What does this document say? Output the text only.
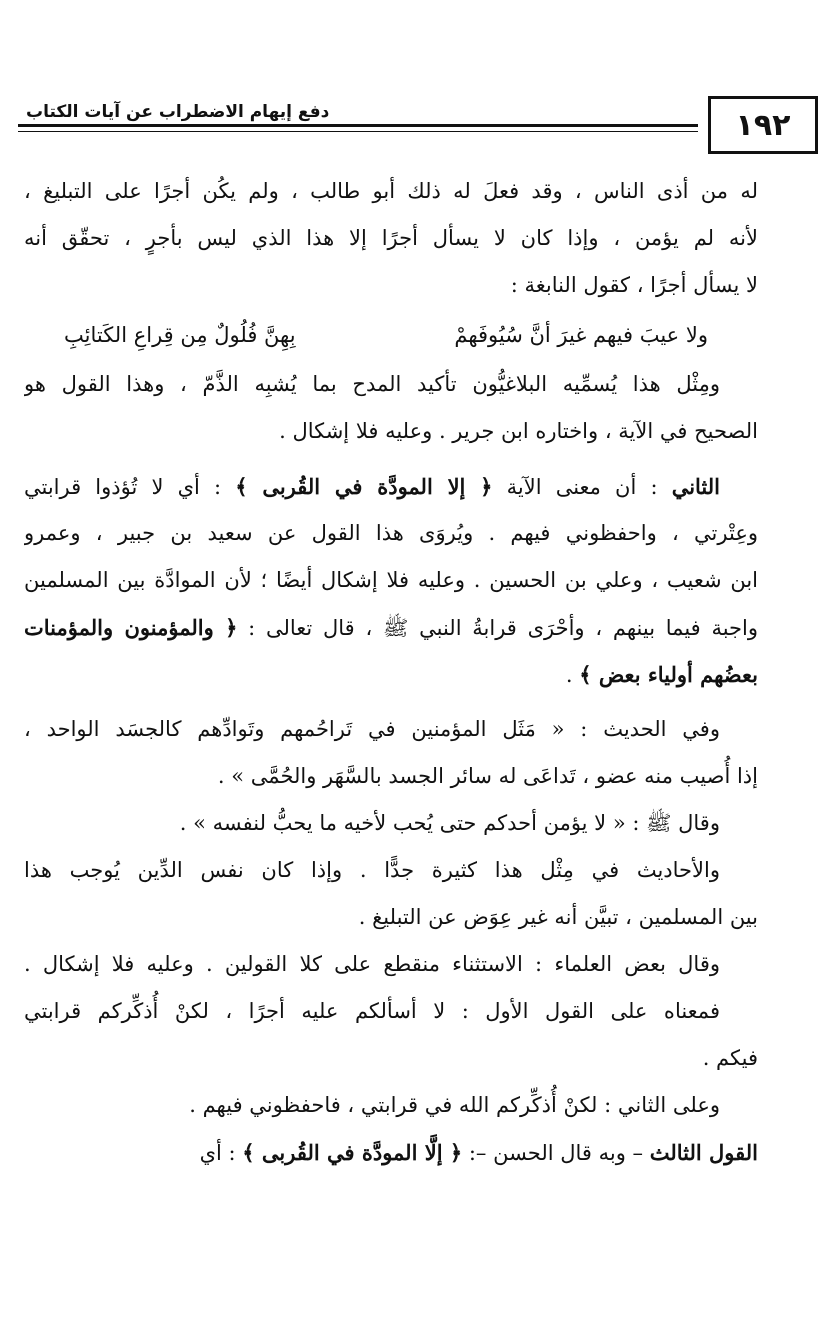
١٩٢
دفع إيهام الاضطراب عن آيات الكتاب
له من أذى الناس ، وقد فعلَ له ذلك أبو طالب ، ولم يكُن أجرًا على التبليغ ،
لأنه لم يؤمن ، وإذا كان لا يسأل أجرًا إلا هذا الذي ليس بأجرٍ ، تحقّق أنه
لا يسأل أجرًا ، كقول النابغة :
ولا عيبَ فيهم غيرَ أنَّ سُيُوفَهمْ
بِهِنَّ فُلُولٌ مِن قِراعِ الكَتائِبِ
ومِثْل هذا يُسمِّيه البلاغيُّون تأكيد المدح بما يُشبِه الذَّمّ ، وهذا القول هو
الصحيح في الآية ، واختاره ابن جرير . وعليه فلا إشكال .
الثاني : أن معنى الآية ﴿ إلا المودَّة في القُربى ﴾ : أي لا تُؤذوا قرابتي
وعِتْرتي ، واحفظوني فيهم . ويُروَى هذا القول عن سعيد بن جبير ، وعمرو
ابن شعيب ، وعلي بن الحسين . وعليه فلا إشكال أيضًا ؛ لأن الموادَّة بين المسلمين
واجبة فيما بينهم ، وأحْرَى قرابةُ النبي ﷺ ، قال تعالى : ﴿ والمؤمنون والمؤمنات
بعضُهم أولياء بعض ﴾ .
وفي الحديث : « مَثَل المؤمنين في تَراحُمهم وتَوادِّهم كالجسَد الواحد ،
إذا أُصيب منه عضو ، تَداعَى له سائر الجسد بالسَّهَر والحُمَّى » .
وقال ﷺ : « لا يؤمن أحدكم حتى يُحب لأخيه ما يحبُّ لنفسه » .
والأحاديث في مِثْل هذا كثيرة جدًّا . وإذا كان نفس الدِّين يُوجب هذا
بين المسلمين ، تبيَّن أنه غير عِوَض عن التبليغ .
وقال بعض العلماء : الاستثناء منقطع على كلا القولين . وعليه فلا إشكال .
فمعناه على القول الأول : لا أسألكم عليه أجرًا ، لكنْ أُذكِّركم قرابتي
فيكم .
وعلى الثاني : لكنْ أُذكِّركم الله في قرابتي ، فاحفظوني فيهم .
القول الثالث – وبه قال الحسن –: ﴿ إلَّا المودَّة في القُربى ﴾ : أي
